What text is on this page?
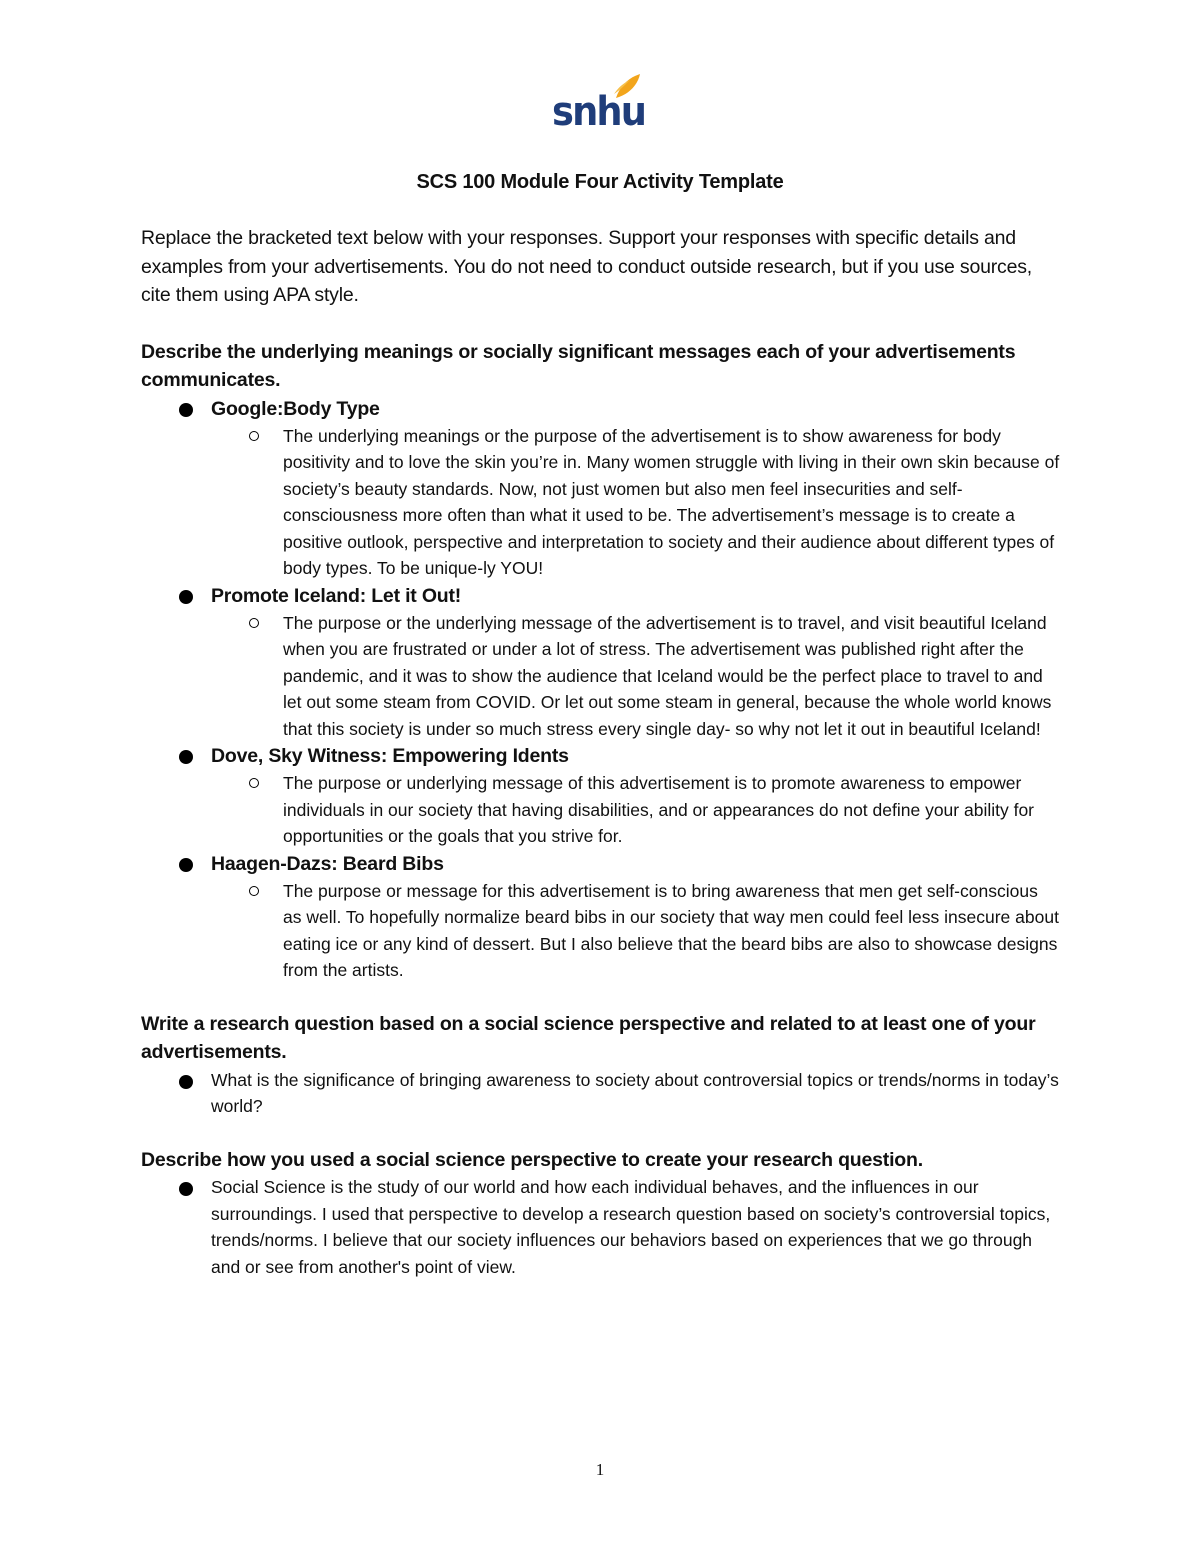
snhu
SCS 100 Module Four Activity Template

Replace the bracketed text below with your responses. Support your responses with specific details and examples from your advertisements. You do not need to conduct outside research, but if you use sources, cite them using APA style.

Describe the underlying meanings or socially significant messages each of your advertisements communicates.

Google:Body Type
The underlying meanings or the purpose of the advertisement is to show awareness for body positivity and to love the skin you’re in. Many women struggle with living in their own skin because of society’s beauty standards. Now, not just women but also men feel insecurities and self-consciousness more often than what it used to be. The advertisement’s message is to create a positive outlook, perspective and interpretation to society and their audience about different types of body types. To be unique-ly YOU!
Promote Iceland: Let it Out!
The purpose or the underlying message of the advertisement is to travel, and visit beautiful Iceland when you are frustrated or under a lot of stress. The advertisement was published right after the pandemic, and it was to show the audience that Iceland would be the perfect place to travel to and let out some steam from COVID. Or let out some steam in general, because the whole world knows that this society is under so much stress every single day- so why not let it out in beautiful Iceland!
Dove, Sky Witness: Empowering Idents
The purpose or underlying message of this advertisement is to promote awareness to empower individuals in our society that having disabilities, and or appearances do not define your ability for opportunities or the goals that you strive for.
Haagen-Dazs: Beard Bibs
The purpose or message for this advertisement is to bring awareness that men get self-conscious as well. To hopefully normalize beard bibs in our society that way men could feel less insecure about eating ice or any kind of dessert. But I also believe that the beard bibs are also to showcase designs from the artists.

Write a research question based on a social science perspective and related to at least one of your advertisements.

What is the significance of bringing awareness to society about controversial topics or trends/norms in today’s world?

Describe how you used a social science perspective to create your research question.

Social Science is the study of our world and how each individual behaves, and the influences in our surroundings. I used that perspective to develop a research question based on society’s controversial topics, trends/norms. I believe that our society influences our behaviors based on experiences that we go through and or see from another's point of view.
1
